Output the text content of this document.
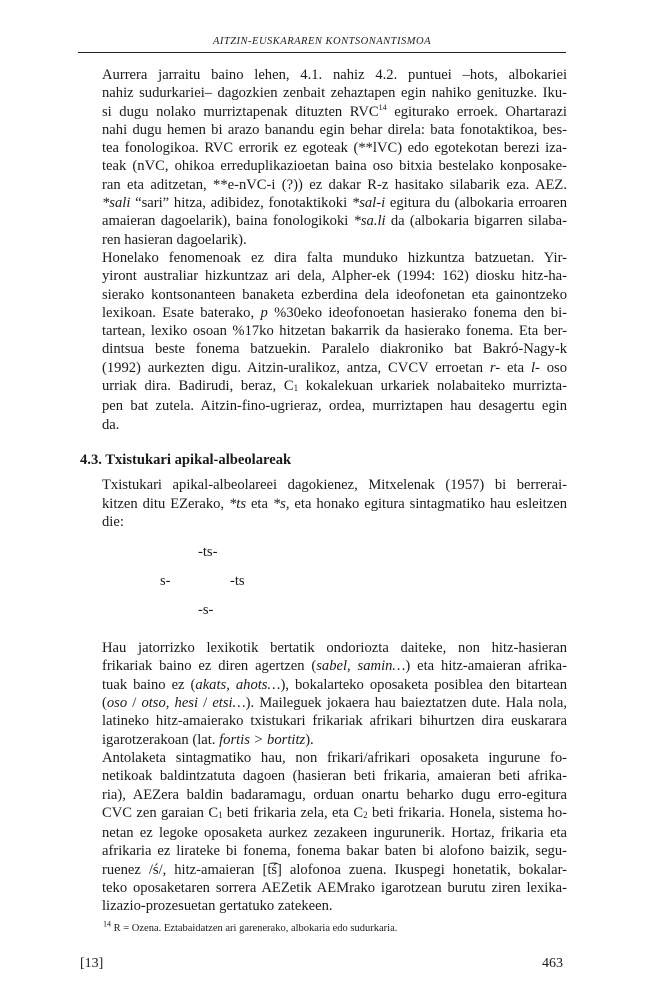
AITZIN-EUSKARAREN KONTSONANTISMOA

Aurrera jarraitu baino lehen, 4.1. nahiz 4.2. puntuei –hots, albokariei
nahiz sudurkariei– dagozkien zenbait zehaztapen egin nahiko genituzke. Iku-
si dugu nolako murriztapenak dituzten RVC$^{14}$ egiturako erroek. Ohartarazi
nahi dugu hemen bi arazo banandu egin behar direla: bata fonotaktikoa, bes-
tea fonologikoa. RVC errorik ez egoteak (**lVC) edo egotekotan berezi iza-
teak (nVC, ohikoa erreduplikazioetan baina oso bitxia bestelako konposake-
ran eta aditzetan, **e-nVC-i (?)) ez dakar R-z hasitako silabarik eza. AEZ.
*sali “sari” hitza, adibidez, fonotaktikoki *sal-i egitura du (albokaria erroaren
amaieran dagoelarik), baina fonologikoki *sa.li da (albokaria bigarren silaba-
ren hasieran dagoelarik).

Honelako fenomenoak ez dira falta munduko hizkuntza batzuetan. Yir-
yiront australiar hizkuntzaz ari dela, Alpher-ek (1994: 162) diosku hitz-ha-
sierako kontsonanteen banaketa ezberdina dela ideofonetan eta gainontzeko
lexikoan. Esate baterako, p %30eko ideofonoetan hasierako fonema den bi-
tartean, lexiko osoan %17ko hitzetan bakarrik da hasierako fonema. Eta ber-
dintsua beste fonema batzuekin. Paralelo diakroniko bat Bakró-Nagy-k
(1992) aurkezten digu. Aitzin-uralikoz, antza, CVCV erroetan r- eta l- oso
urriak dira. Badirudi, beraz, C1 kokalekuan urkariek nolabaiteko murrizta-
pen bat zutela. Aitzin-fino-ugrieraz, ordea, murriztapen hau desagertu egin
da.

4.3. Txistukari apikal-albeolareak

Txistukari apikal-albeolareei dagokienez, Mitxelenak (1957) bi berrerai-
kitzen ditu EZerako, *ts eta *s, eta honako egitura sintagmatiko hau esleitzen
die:

-ts-
s-	-ts
-s-

Hau jatorrizko lexikotik bertatik ondoriozta daiteke, non hitz-hasieran
frikariak baino ez diren agertzen (sabel, samin…) eta hitz-amaieran afrika-
tuak baino ez (akats, ahots…), bokalarteko oposaketa posiblea den bitartean
(oso / otso, hesi / etsi…). Maileguek jokaera hau baieztatzen dute. Hala nola,
latineko hitz-amaierako txistukari frikariak afrikari bihurtzen dira euskarara
igarotzerakoan (lat. fortis > bortitz).

Antolaketa sintagmatiko hau, non frikari/afrikari oposaketa ingurune fo-
netikoak baldintzatuta dagoen (hasieran beti frikaria, amaieran beti afrika-
ria), AEZera baldin badaramagu, orduan onartu beharko dugu erro-egitura
CVC zen garaian C1 beti frikaria zela, eta C2 beti frikaria. Honela, sistema ho-
netan ez legoke oposaketa aurkez zezakeen ingurunerik. Hortaz, frikaria eta
afrikaria ez lirateke bi fonema, fonema bakar baten bi alofono baizik, segu-
ruenez /ś/, hitz-amaieran [t͡ś] alofonoa zuena. Ikuspegi honetatik, bokalar-
teko oposaketaren sorrera AEZetik AEMrako igarotzean burutu ziren lexika-
lizazio-prozesuetan gertatuko zatekeen.

$^{14}$ R = Ozena. Eztabaidatzen ari garenerako, albokaria edo sudurkaria.
[13]	463
